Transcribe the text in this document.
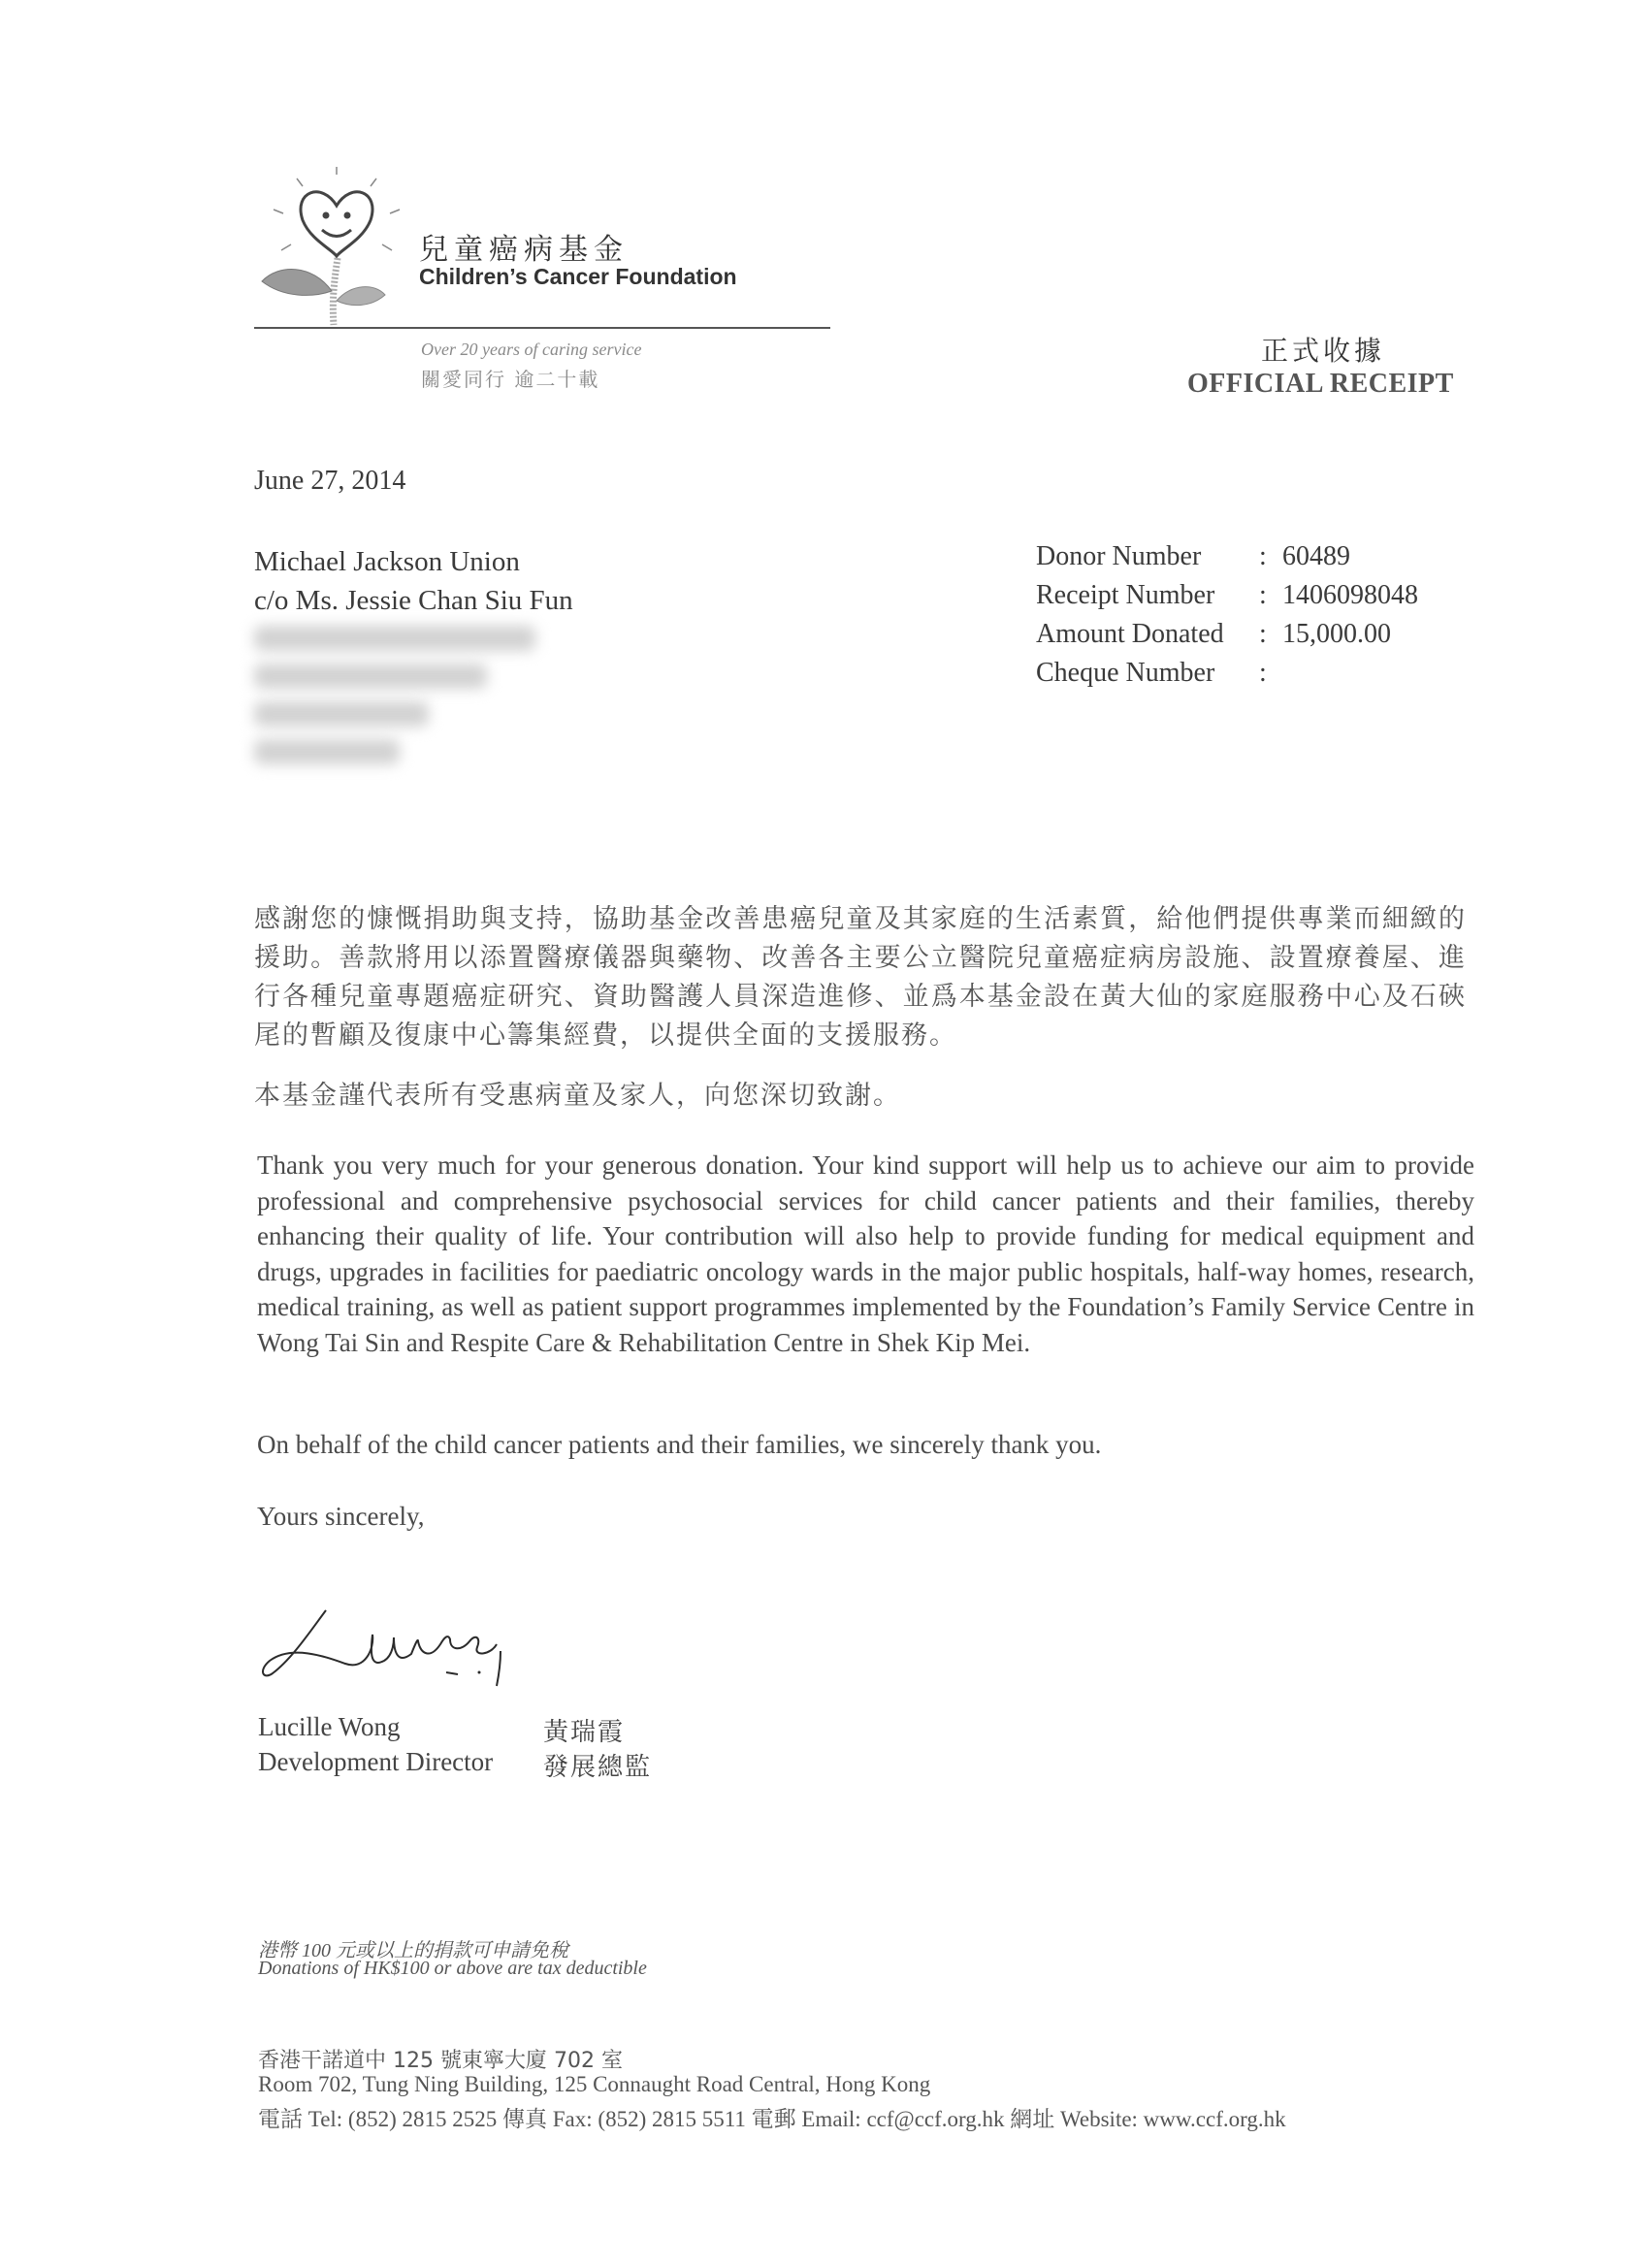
兒童癌病基金
Children’s Cancer Foundation
Over 20 years of caring service
關愛同行 逾二十載
正式收據
OFFICIAL RECEIPT
June 27, 2014
Michael Jackson Union
c/o Ms. Jessie Chan Siu Fun
Donor Number	: 60489
Receipt Number	: 1406098048
Amount Donated	: 15,000.00
Cheque Number	:
感謝您的慷慨捐助與支持，協助基金改善患癌兒童及其家庭的生活素質，給他們提供專業而細緻的援助。善款將用以添置醫療儀器與藥物、改善各主要公立醫院兒童癌症病房設施、設置療養屋、進行各種兒童專題癌症研究、資助醫護人員深造進修、並爲本基金設在黃大仙的家庭服務中心及石硤尾的暫顧及復康中心籌集經費，以提供全面的支援服務。
本基金謹代表所有受惠病童及家人，向您深切致謝。
Thank you very much for your generous donation. Your kind support will help us to achieve our aim to provide professional and comprehensive psychosocial services for child cancer patients and their families, thereby enhancing their quality of life. Your contribution will also help to provide funding for medical equipment and drugs, upgrades in facilities for paediatric oncology wards in the major public hospitals, half-way homes, research, medical training, as well as patient support programmes implemented by the Foundation’s Family Service Centre in Wong Tai Sin and Respite Care & Rehabilitation Centre in Shek Kip Mei.
On behalf of the child cancer patients and their families, we sincerely thank you.
Yours sincerely,
Lucille Wong	黃瑞霞
Development Director 發展總監
港幣 100 元或以上的捐款可申請免稅
Donations of HK$100 or above are tax deductible
香港干諾道中 125 號東寧大廈 702 室
Room 702, Tung Ning Building, 125 Connaught Road Central, Hong Kong
電話 Tel: (852) 2815 2525 傳真 Fax: (852) 2815 5511 電郵 Email: ccf@ccf.org.hk 網址 Website: www.ccf.org.hk
